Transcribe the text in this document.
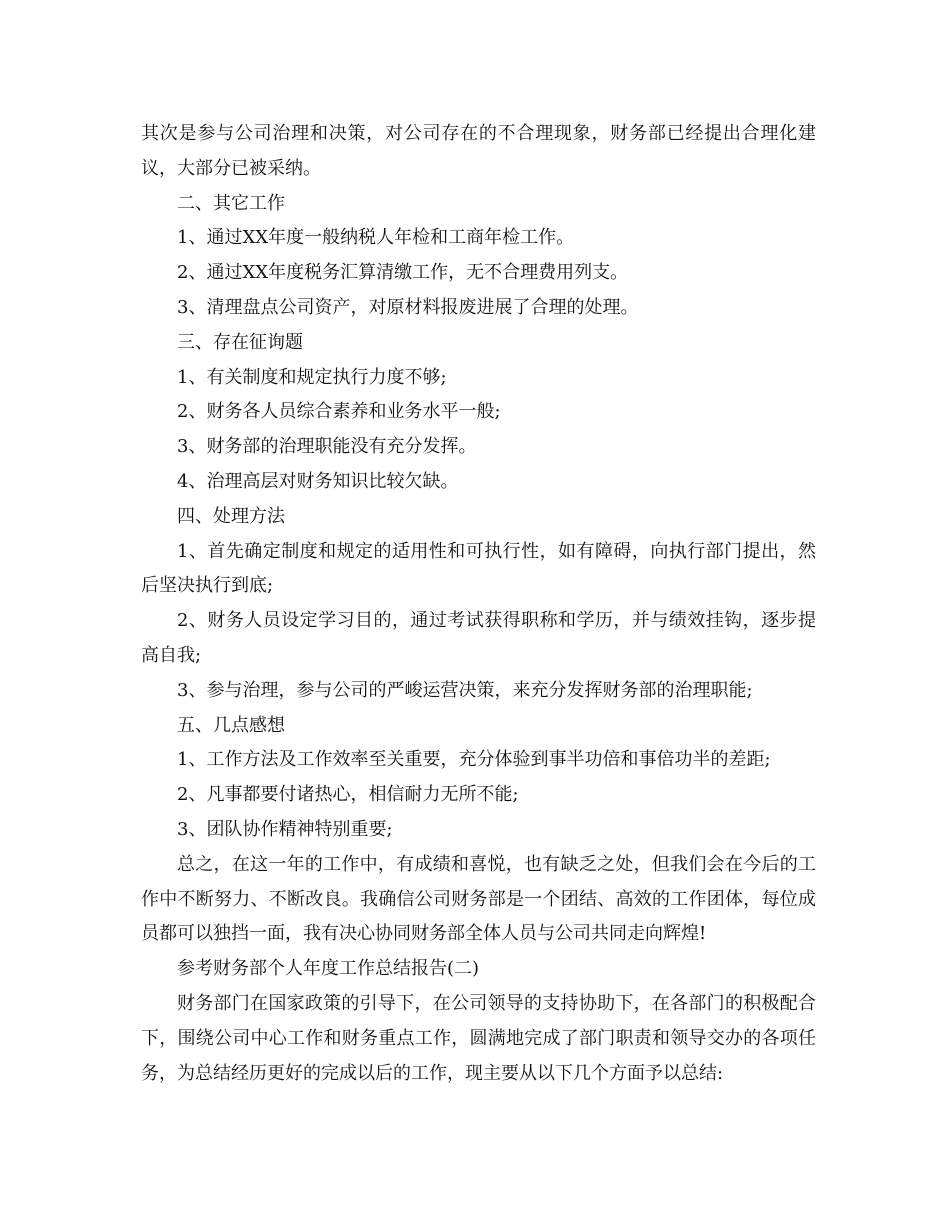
其次是参与公司治理和决策，对公司存在的不合理现象，财务部已经提出合理化建议，大部分已被采纳。

二、其它工作

1、通过XX年度一般纳税人年检和工商年检工作。

2、通过XX年度税务汇算清缴工作，无不合理费用列支。

3、清理盘点公司资产，对原材料报废进展了合理的处理。

三、存在征询题

1、有关制度和规定执行力度不够;

2、财务各人员综合素养和业务水平一般;

3、财务部的治理职能没有充分发挥。

4、治理高层对财务知识比较欠缺。

四、处理方法

1、首先确定制度和规定的适用性和可执行性，如有障碍，向执行部门提出，然后坚决执行到底;

2、财务人员设定学习目的，通过考试获得职称和学历，并与绩效挂钩，逐步提高自我;

3、参与治理，参与公司的严峻运营决策，来充分发挥财务部的治理职能;

五、几点感想

1、工作方法及工作效率至关重要，充分体验到事半功倍和事倍功半的差距;

2、凡事都要付诸热心，相信耐力无所不能;

3、团队协作精神特别重要;

总之，在这一年的工作中，有成绩和喜悦，也有缺乏之处，但我们会在今后的工作中不断努力、不断改良。我确信公司财务部是一个团结、高效的工作团体，每位成员都可以独挡一面，我有决心协同财务部全体人员与公司共同走向辉煌!

参考财务部个人年度工作总结报告(二)

财务部门在国家政策的引导下，在公司领导的支持协助下，在各部门的积极配合下，围绕公司中心工作和财务重点工作，圆满地完成了部门职责和领导交办的各项任务，为总结经历更好的完成以后的工作，现主要从以下几个方面予以总结:
